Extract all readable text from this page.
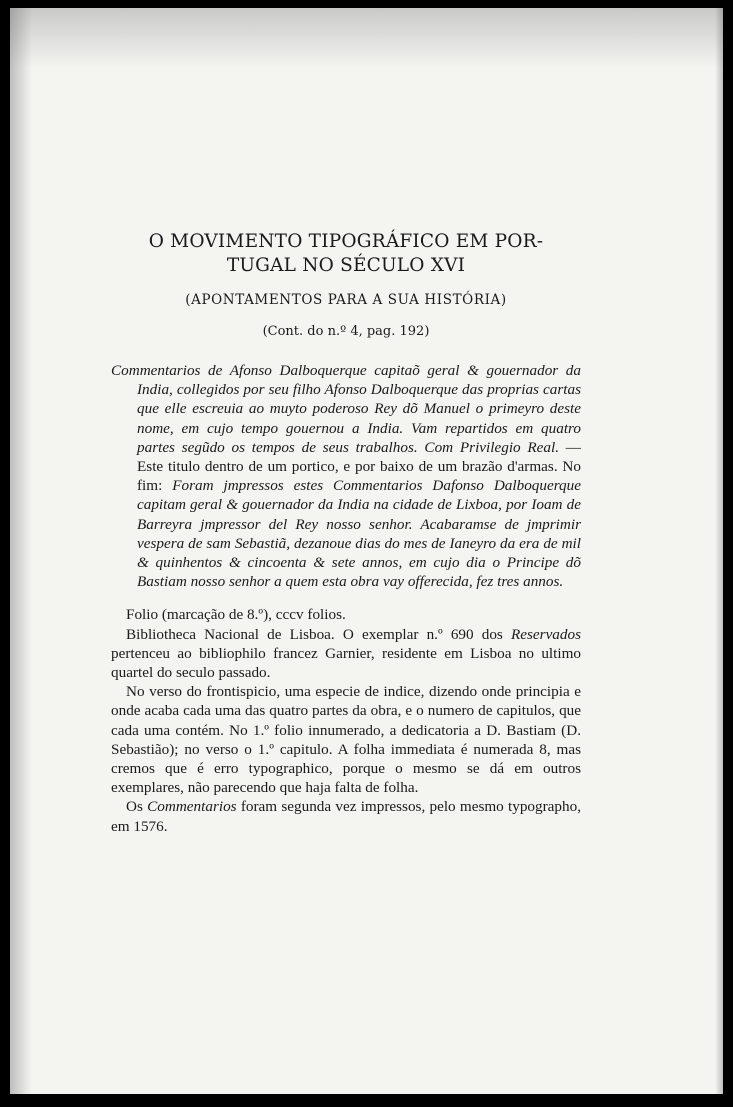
O MOVIMENTO TIPOGRÁFICO EM POR-
TUGAL NO SÉCULO XVI

(APONTAMENTOS PARA A SUA HISTÓRIA)

(Cont. do n.º 4, pag. 192)

Commentarios de Afonso Dalboquerque capitaõ geral & gouernador da India, collegidos por seu filho Afonso Dalboquerque das proprias cartas que elle escreuia ao muyto poderoso Rey dõ Manuel o primeyro deste nome, em cujo tempo gouernou a India. Vam repartidos em quatro partes segũdo os tempos de seus trabalhos. Com Privilegio Real. — Este titulo dentro de um portico, e por baixo de um brazão d'armas. No fim: Foram jmpressos estes Commentarios Dafonso Dalboquerque capitam geral & gouernador da India na cidade de Lixboa, por Ioam de Barreyra jmpressor del Rey nosso senhor. Acabaramse de jmprimir vespera de sam Sebastiã, dezanoue dias do mes de Ianeyro da era de mil & quinhentos & cincoenta & sete annos, em cujo dia o Principe dõ Bastiam nosso senhor a quem esta obra vay offerecida, fez tres annos.

Folio (marcação de 8.º), cccv folios.

Bibliotheca Nacional de Lisboa. O exemplar n.º 690 dos Reservados pertenceu ao bibliophilo francez Garnier, residente em Lisboa no ultimo quartel do seculo passado.

No verso do frontispicio, uma especie de indice, dizendo onde principia e onde acaba cada uma das quatro partes da obra, e o numero de capitulos, que cada uma contém. No 1.º folio innumerado, a dedicatoria a D. Bastiam (D. Sebastião); no verso o 1.º capitulo. A folha immediata é numerada 8, mas cremos que é erro typographico, porque o mesmo se dá em outros exemplares, não parecendo que haja falta de folha.

Os Commentarios foram segunda vez impressos, pelo mesmo typographo, em 1576.
